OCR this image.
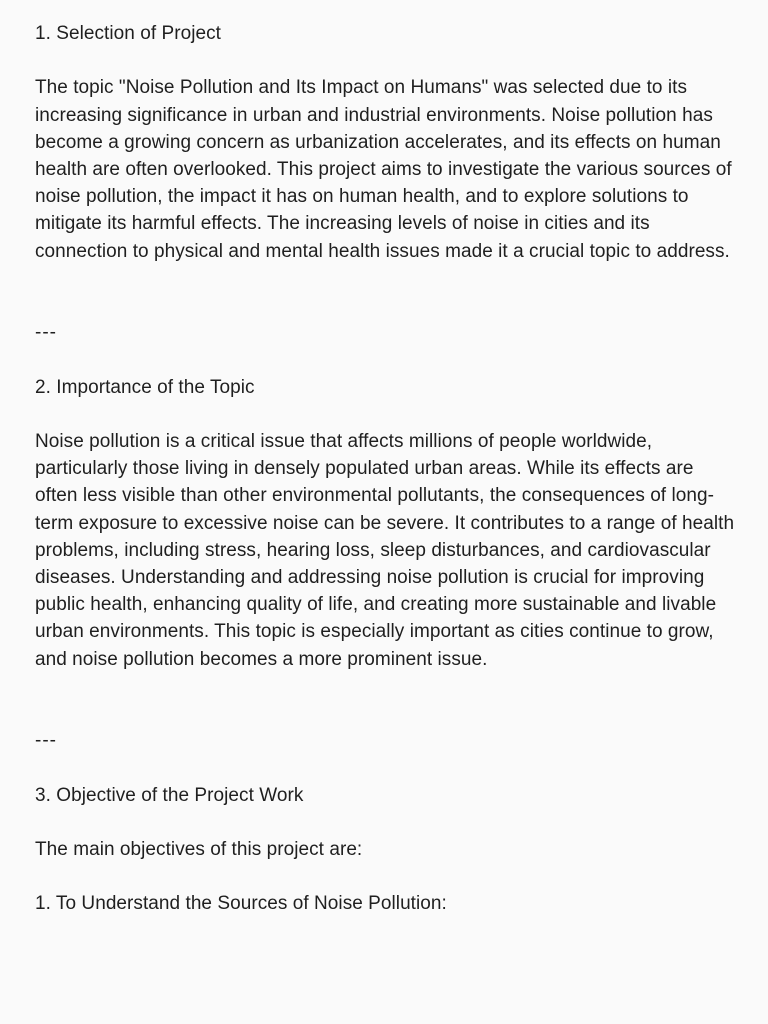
1. Selection of Project

The topic "Noise Pollution and Its Impact on Humans" was selected due to its increasing significance in urban and industrial environments. Noise pollution has become a growing concern as urbanization accelerates, and its effects on human health are often overlooked. This project aims to investigate the various sources of noise pollution, the impact it has on human health, and to explore solutions to mitigate its harmful effects. The increasing levels of noise in cities and its connection to physical and mental health issues made it a crucial topic to address.

---

2. Importance of the Topic

Noise pollution is a critical issue that affects millions of people worldwide, particularly those living in densely populated urban areas. While its effects are often less visible than other environmental pollutants, the consequences of long-term exposure to excessive noise can be severe. It contributes to a range of health problems, including stress, hearing loss, sleep disturbances, and cardiovascular diseases. Understanding and addressing noise pollution is crucial for improving public health, enhancing quality of life, and creating more sustainable and livable urban environments. This topic is especially important as cities continue to grow, and noise pollution becomes a more prominent issue.

---

3. Objective of the Project Work

The main objectives of this project are:

1. To Understand the Sources of Noise Pollution:
